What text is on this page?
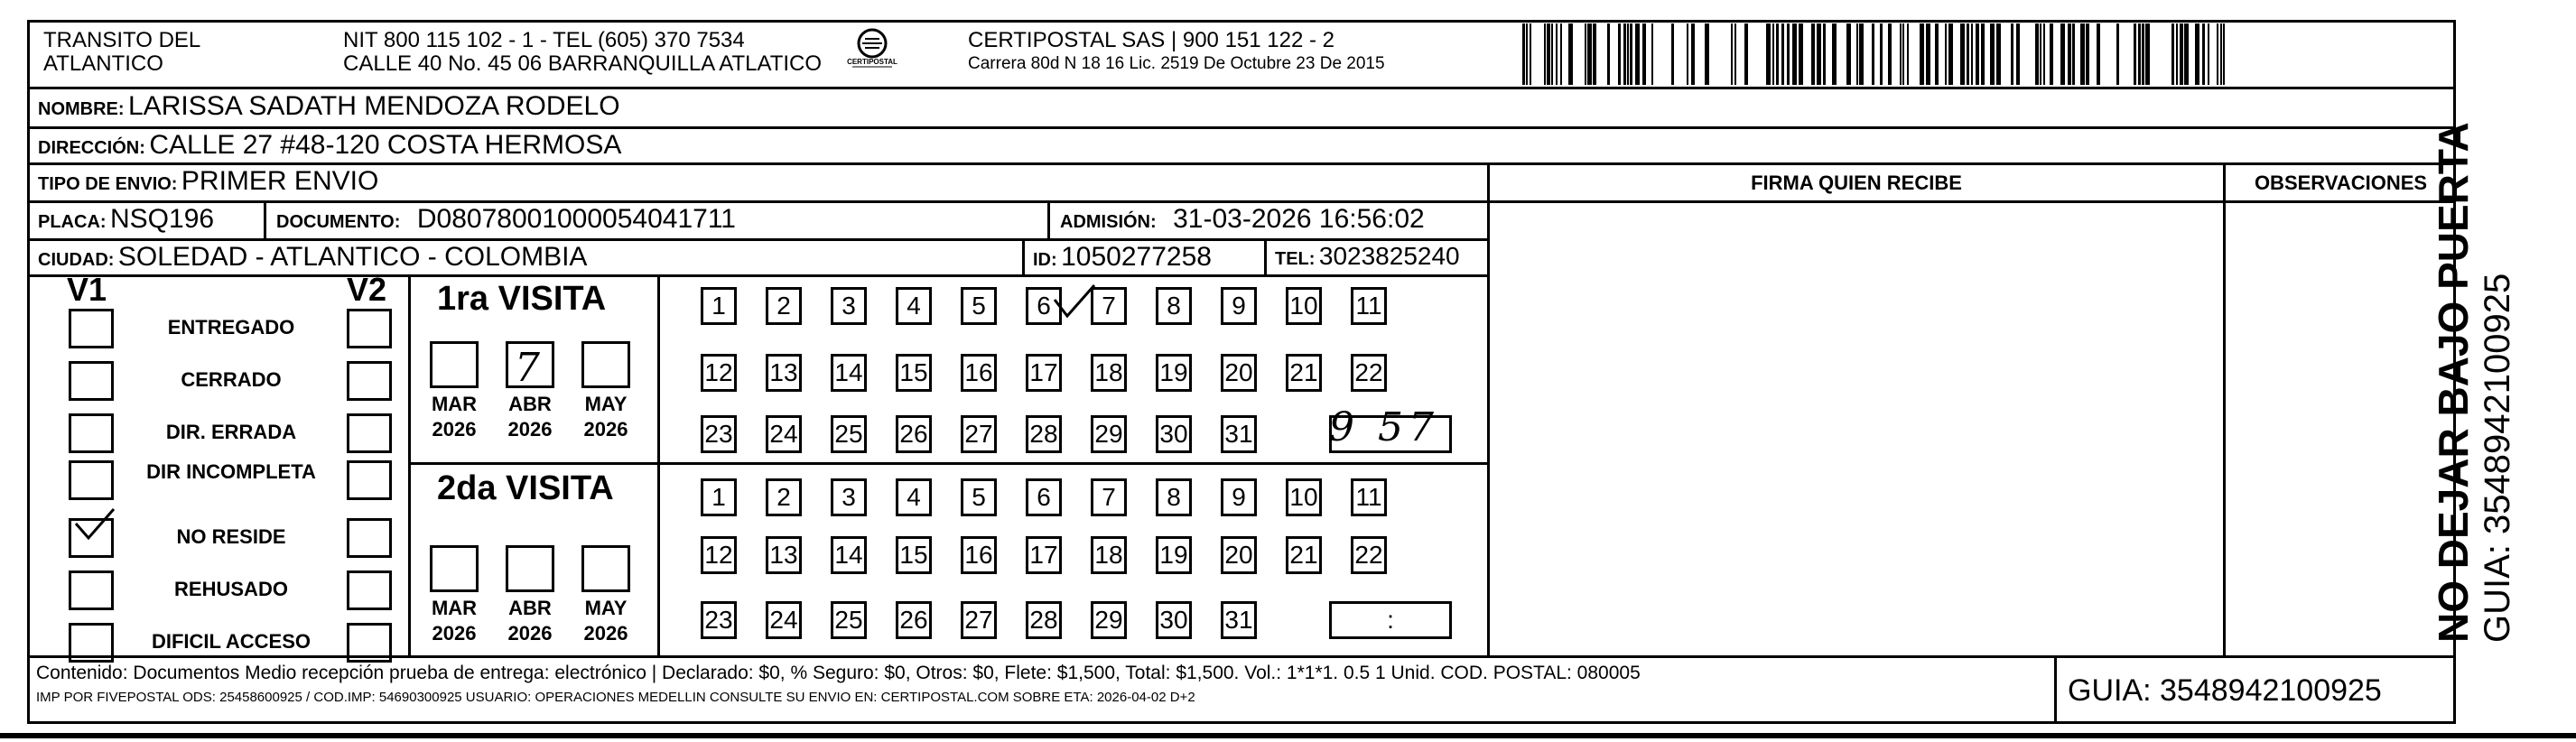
TRANSITO DEL
ATLANTICO
NIT 800 115 102 - 1 - TEL (605) 370 7534
CALLE 40 No. 45 06 BARRANQUILLA ATLATICO	CERTIPOSTAL
CERTIPOSTAL SAS | 900 151 122 - 2
Carrera 80d N 18 16 Lic. 2519 De Octubre 23 De 2015
NOMBRE: LARISSA SADATH MENDOZA RODELO
DIRECCIÓN: CALLE 27 #48-120 COSTA HERMOSA
TIPO DE ENVIO: PRIMER ENVIO	FIRMA QUIEN RECIBE	OBSERVACIONES
PLACA: NSQ196	DOCUMENTO: D08078001000054041711	ADMISIÓN: 31-03-2026 16:56:02
CIUDAD: SOLEDAD - ATLANTICO - COLOMBIA	ID: 1050277258	TEL: 3023825240
V1	V2
ENTREGADO
CERRADO
DIR. ERRADA
DIR INCOMPLETA
NO RESIDE
REHUSADO
DIFICIL ACCESO
1ra VISITA
2da VISITA
MAR
2026
ABR
2026
MAY
2026
MAR
2026
ABR
2026
MAY
2026
1	2	3	4	5	6	7	8	9	10 11
12 13 14 15 16 17 18 19 20 21 22
23 24 25 26 27 28 29 30 31
1	2	3	4	5	6	7	8	9	10 11
12 13 14 15 16 17 18 19 20 21 22
23 24 25 26 27 28 29 30 31	:
7
9 57
Contenido: Documentos Medio recepción prueba de entrega: electrónico | Declarado: $0, % Seguro: $0, Otros: $0, Flete: $1,500, Total: $1,500. Vol.: 1*1*1. 0.5 1 Unid. COD. POSTAL: 080005
IMP POR FIVEPOSTAL ODS: 25458600925 / COD.IMP: 54690300925 USUARIO: OPERACIONES MEDELLIN CONSULTE SU ENVIO EN: CERTIPOSTAL.COM SOBRE ETA: 2026-04-02 D+2	GUIA: 3548942100925
NO DEJAR BAJO PUERTA GUIA: 3548942100925
